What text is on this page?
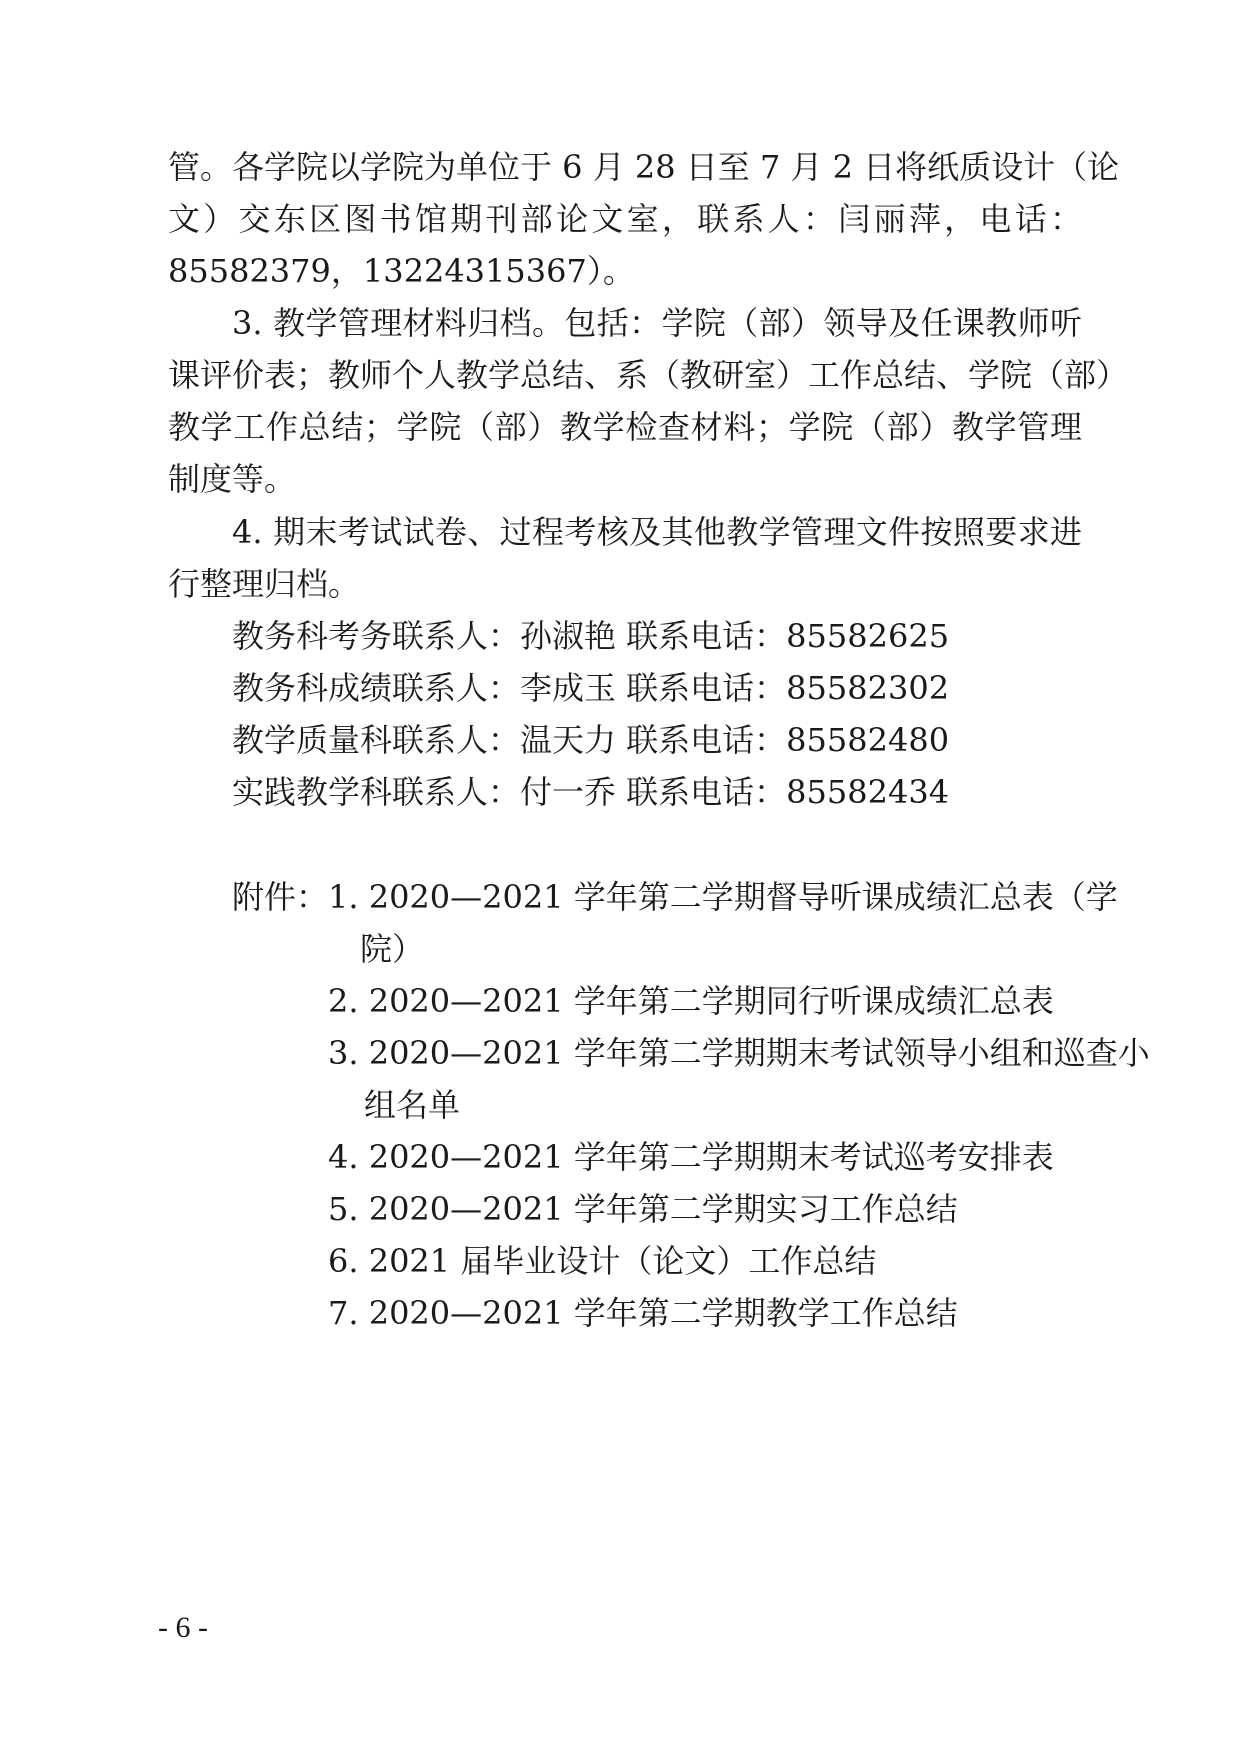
管。各学院以学院为单位于 6 月 28 日至 7 月 2 日将纸质设计（论
文）交东区图书馆期刊部论文室，联系人：闫丽萍，电话：
85582379，13224315367）。
3. 教学管理材料归档。包括：学院（部）领导及任课教师听
课评价表；教师个人教学总结、系（教研室）工作总结、学院（部）
教学工作总结；学院（部）教学检查材料；学院（部）教学管理
制度等。
4. 期末考试试卷、过程考核及其他教学管理文件按照要求进
行整理归档。
教务科考务联系人：孙淑艳 联系电话：85582625
教务科成绩联系人：李成玉 联系电话：85582302
教学质量科联系人：温天力 联系电话：85582480
实践教学科联系人：付一乔 联系电话：85582434
附件：1. 2020—2021 学年第二学期督导听课成绩汇总表（学
院）
2. 2020—2021 学年第二学期同行听课成绩汇总表
3. 2020—2021 学年第二学期期末考试领导小组和巡查小
组名单
4. 2020—2021 学年第二学期期末考试巡考安排表
5. 2020—2021 学年第二学期实习工作总结
6. 2021 届毕业设计（论文）工作总结
7. 2020—2021 学年第二学期教学工作总结
- 6 -
